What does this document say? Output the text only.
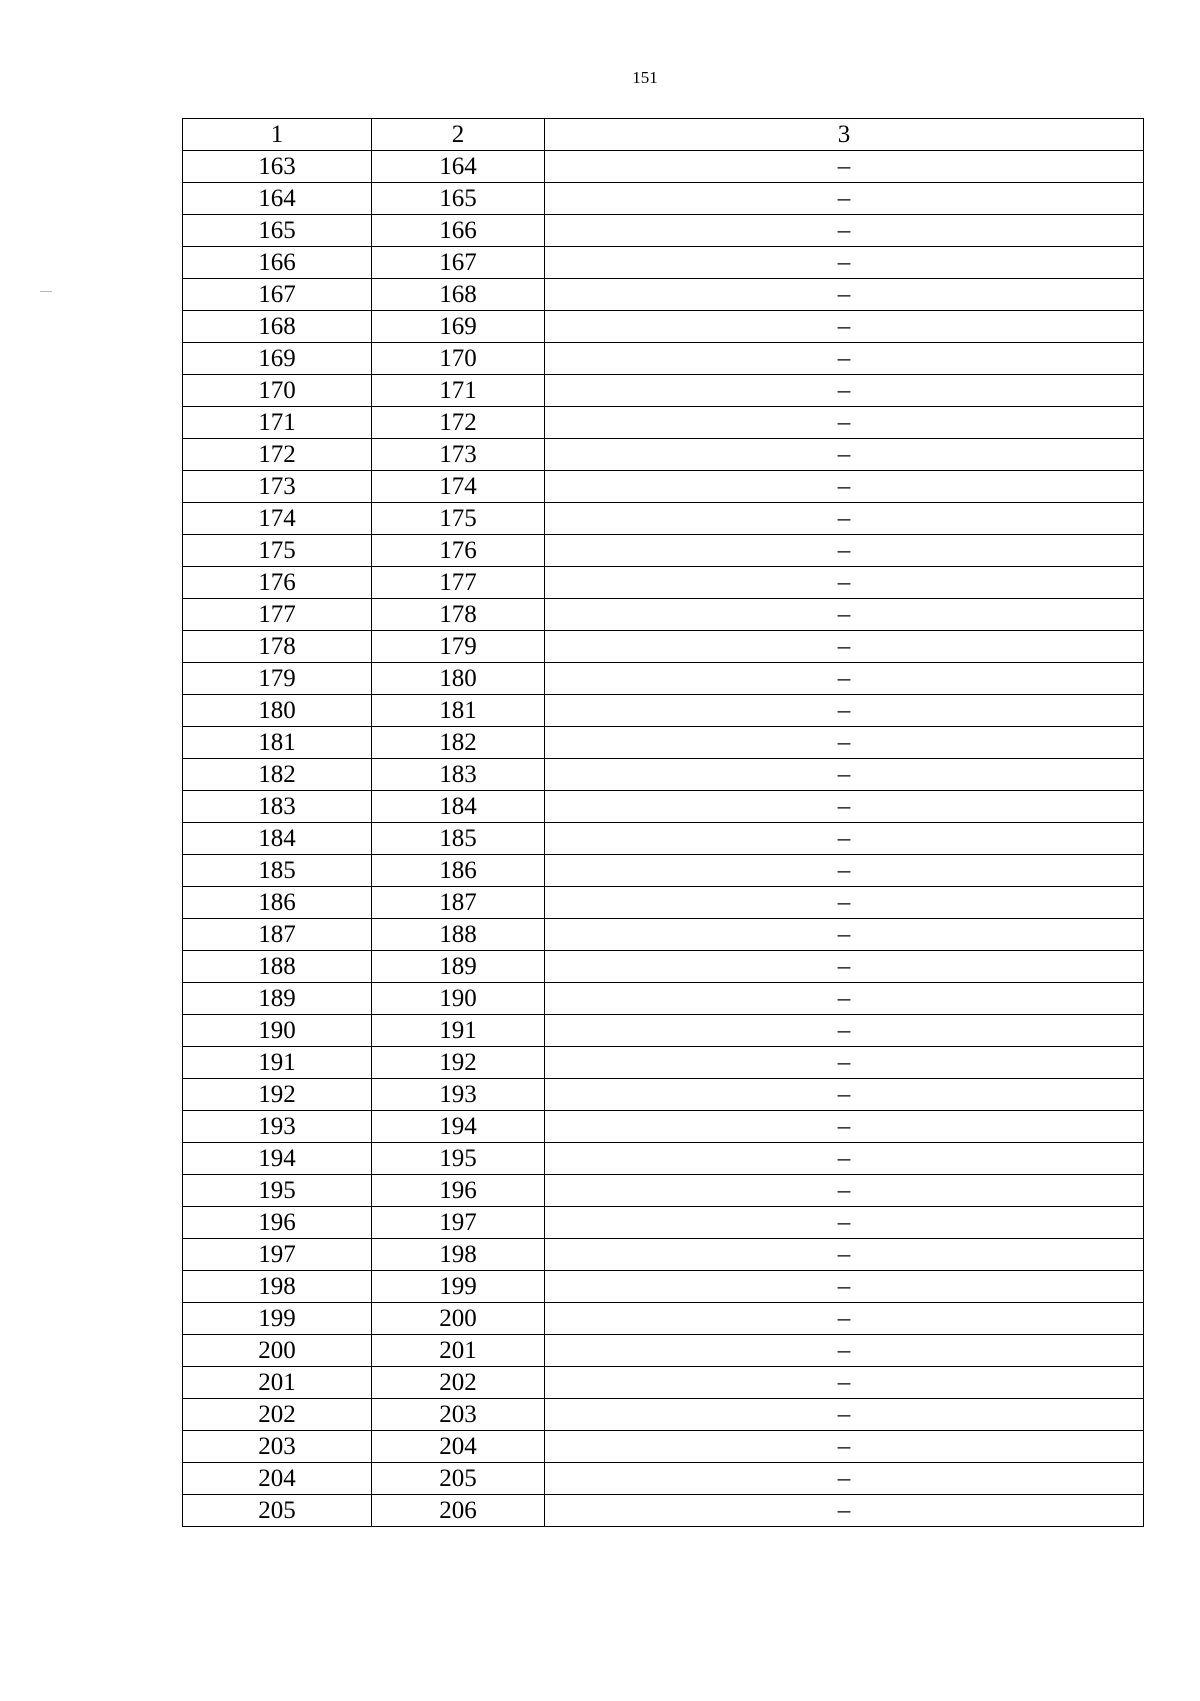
151
1	2	3
163	164	–
164	165	–
165	166	–
166	167	–
167	168	–
168	169	–
169	170	–
170	171	–
171	172	–
172	173	–
173	174	–
174	175	–
175	176	–
176	177	–
177	178	–
178	179	–
179	180	–
180	181	–
181	182	–
182	183	–
183	184	–
184	185	–
185	186	–
186	187	–
187	188	–
188	189	–
189	190	–
190	191	–
191	192	–
192	193	–
193	194	–
194	195	–
195	196	–
196	197	–
197	198	–
198	199	–
199	200	–
200	201	–
201	202	–
202	203	–
203	204	–
204	205	–
205	206	–
